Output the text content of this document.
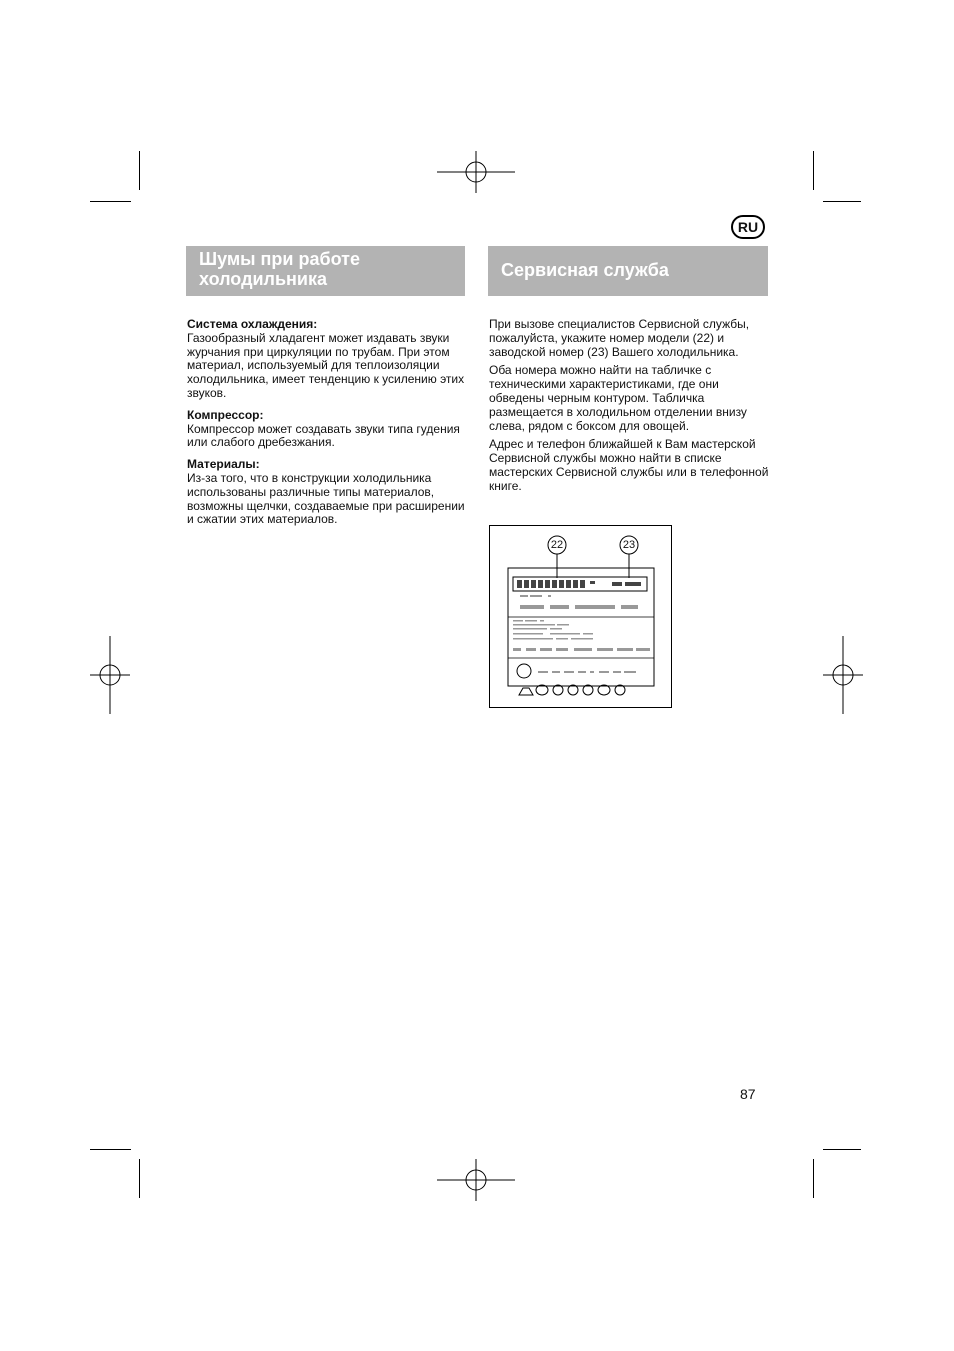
RU
Шумы при работе
холодильника	Сервисная служба
Система охлаждения:

Газообразный хладагент может издавать звуки журчания при циркуляции по трубам. При этом материал, используемый для теплоизоляции холодильника, имеет тенденцию к усилению этих звуков.

Компрессор:

Компрессор может создавать звуки типа гудения или слабого дребезжания.

Материалы:

Из-за того, что в конструкции холодильника использованы различные типы материалов, возможны щелчки, создаваемые при расширении и сжатии этих материалов.

При вызове специалистов Сервисной службы, пожалуйста, укажите номер модели (22) и заводской номер (23) Вашего холодильника.

Оба номера можно найти на табличке с техническими характеристиками, где они обведены черным контуром. Табличка размещается в холодильном отделении внизу слева, рядом с боксом для овощей.

Адрес и телефон ближайшей к Вам мастерской Сервисной службы можно найти в списке мастерских Сервисной службы или в телефонной книге.

22	23
87
